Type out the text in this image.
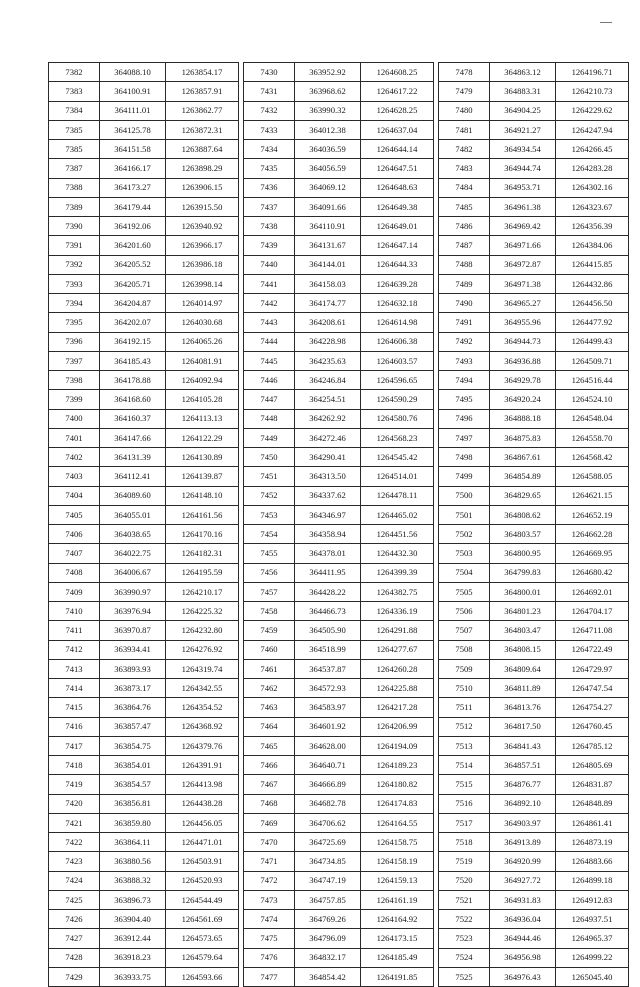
7382	364088.10	1263854.17
7383	364100.91	1263857.91
7384	364111.01	1263862.77
7385	364125.78	1263872.31
7385	364151.58	1263887.64
7387	364166.17	1263898.29
7388	364173.27	1263906.15
7389	364179.44	1263915.50
7390	364192.06	1263940.92
7391	364201.60	1263966.17
7392	364205.52	1263986.18
7393	364205.71	1263998.14
7394	364204.87	1264014.97
7395	364202.07	1264030.68
7396	364192.15	1264065.26
7397	364185.43	1264081.91
7398	364178.88	1264092.94
7399	364168.60	1264105.28
7400	364160.37	1264113.13
7401	364147.66	1264122.29
7402	364131.39	1264130.89
7403	364112.41	1264139.87
7404	364089.60	1264148.10
7405	364055.01	1264161.56
7406	364038.65	1264170.16
7407	364022.75	1264182.31
7408	364006.67	1264195.59
7409	363990.97	1264210.17
7410	363976.94	1264225.32
7411	363970.87	1264232.80
7412	363934.41	1264276.92
7413	363893.93	1264319.74
7414	363873.17	1264342.55
7415	363864.76	1264354.52
7416	363857.47	1264368.92
7417	363854.75	1264379.76
7418	363854.01	1264391.91
7419	363854.57	1264413.98
7420	363856.81	1264438.28
7421	363859.80	1264456.05
7422	363864.11	1264471.01
7423	363880.56	1264503.91
7424	363888.32	1264520.93
7425	363896.73	1264544.49
7426	363904.40	1264561.69
7427	363912.44	1264573.65
7428	363918.23	1264579.64
7429	363933.75	1264593.66
7430	363952.92	1264608.25
7431	363968.62	1264617.22
7432	363990.32	1264628.25
7433	364012.38	1264637.04
7434	364036.59	1264644.14
7435	364056.59	1264647.51
7436	364069.12	1264648.63
7437	364091.66	1264649.38
7438	364110.91	1264649.01
7439	364131.67	1264647.14
7440	364144.01	1264644.33
7441	364158.03	1264639.28
7442	364174.77	1264632.18
7443	364208.61	1264614.98
7444	364228.98	1264606.38
7445	364235.63	1264603.57
7446	364246.84	1264596.65
7447	364254.51	1264590.29
7448	364262.92	1264580.76
7449	364272.46	1264568.23
7450	364290.41	1264545.42
7451	364313.50	1264514.01
7452	364337.62	1264478.11
7453	364346.97	1264465.02
7454	364358.94	1264451.56
7455	364378.01	1264432.30
7456	364411.95	1264399.39
7457	364428.22	1264382.75
7458	364466.73	1264336.19
7459	364505.90	1264291.88
7460	364518.99	1264277.67
7461	364537.87	1264260.28
7462	364572.93	1264225.88
7463	364583.97	1264217.28
7464	364601.92	1264206.99
7465	364628.00	1264194.09
7466	364640.71	1264189.23
7467	364666.89	1264180.82
7468	364682.78	1264174.83
7469	364706.62	1264164.55
7470	364725.69	1264158.75
7471	364734.85	1264158.19
7472	364747.19	1264159.13
7473	364757.85	1264161.19
7474	364769.26	1264164.92
7475	364796.09	1264173.15
7476	364832.17	1264185.49
7477	364854.42	1264191.85
7478	364863.12	1264196.71
7479	364883.31	1264210.73
7480	364904.25	1264229.62
7481	364921.27	1264247.94
7482	364934.54	1264266.45
7483	364944.74	1264283.28
7484	364953.71	1264302.16
7485	364961.38	1264323.67
7486	364969.42	1264356.39
7487	364971.66	1264384.06
7488	364972.87	1264415.85
7489	364971.38	1264432.86
7490	364965.27	1264456.50
7491	364955.96	1264477.92
7492	364944.73	1264499.43
7493	364936.88	1264509.71
7494	364929.78	1264516.44
7495	364920.24	1264524.10
7496	364888.18	1264548.04
7497	364875.83	1264558.70
7498	364867.61	1264568.42
7499	364854.89	1264588.05
7500	364829.65	1264621.15
7501	364808.62	1264652.19
7502	364803.57	1264662.28
7503	364800.95	1264669.95
7504	364799.83	1264680.42
7505	364800.01	1264692.01
7506	364801.23	1264704.17
7507	364803.47	1264711.08
7508	364808.15	1264722.49
7509	364809.64	1264729.97
7510	364811.89	1264747.54
7511	364813.76	1264754.27
7512	364817.50	1264760.45
7513	364841.43	1264785.12
7514	364857.51	1264805.69
7515	364876.77	1264831.87
7516	364892.10	1264848.89
7517	364903.97	1264861.41
7518	364913.89	1264873.19
7519	364920.99	1264883.66
7520	364927.72	1264899.18
7521	364931.83	1264912.83
7522	364936.04	1264937.51
7523	364944.46	1264965.37
7524	364956.98	1264999.22
7525	364976.43	1265045.40
